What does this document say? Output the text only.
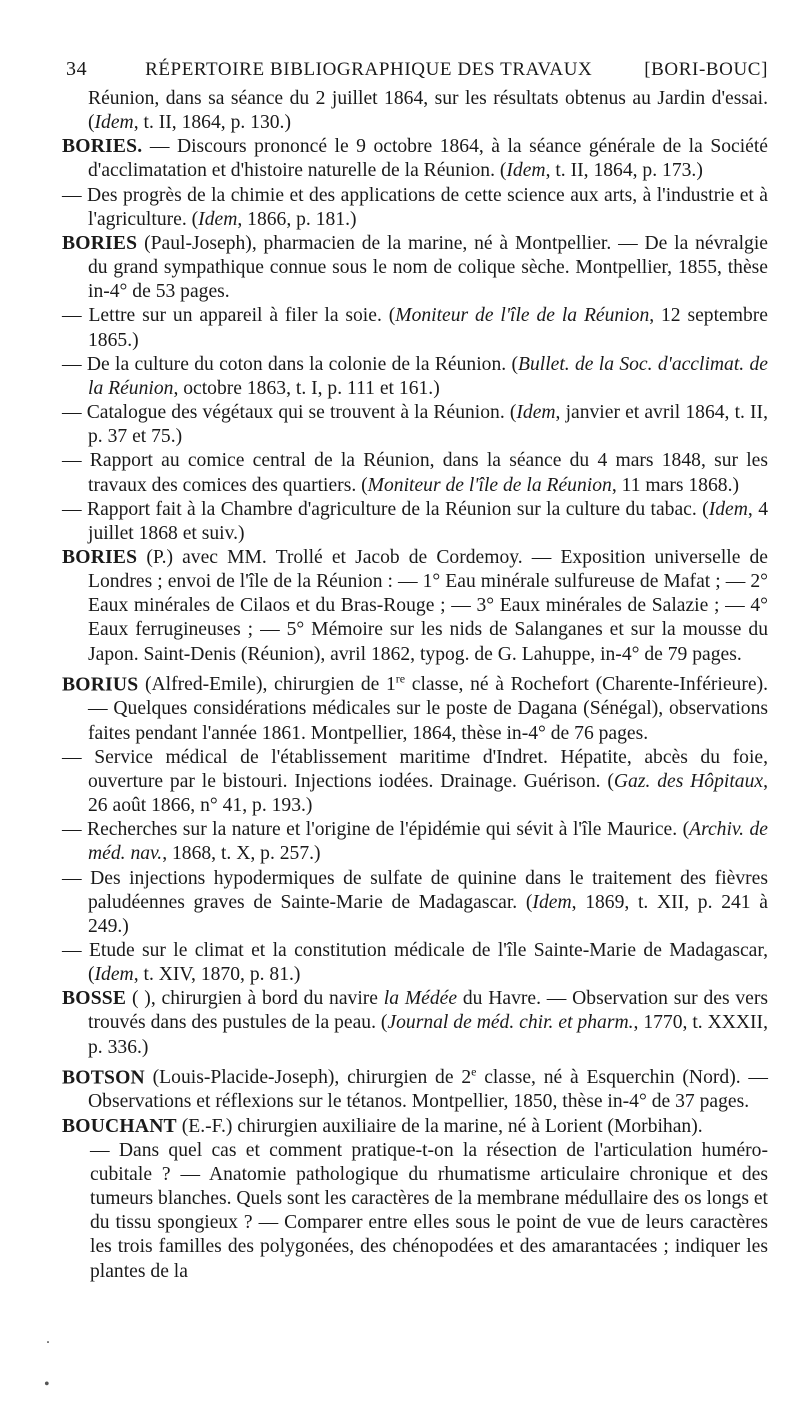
34	RÉPERTOIRE BIBLIOGRAPHIQUE DES TRAVAUX	[BORI-BOUC]

Réunion, dans sa séance du 2 juillet 1864, sur les résultats obtenus au Jardin d'essai. (Idem, t. II, 1864, p. 130.)

BORIES. — Discours prononcé le 9 octobre 1864, à la séance générale de la Société d'acclimatation et d'histoire naturelle de la Réunion. (Idem, t. II, 1864, p. 173.)

— Des progrès de la chimie et des applications de cette science aux arts, à l'industrie et à l'agriculture. (Idem, 1866, p. 181.)

BORIES (Paul-Joseph), pharmacien de la marine, né à Montpellier. — De la névralgie du grand sympathique connue sous le nom de colique sèche. Montpellier, 1855, thèse in-4° de 53 pages.

— Lettre sur un appareil à filer la soie. (Moniteur de l'île de la Réunion, 12 septembre 1865.)

— De la culture du coton dans la colonie de la Réunion. (Bullet. de la Soc. d'acclimat. de la Réunion, octobre 1863, t. I, p. 111 et 161.)

— Catalogue des végétaux qui se trouvent à la Réunion. (Idem, janvier et avril 1864, t. II, p. 37 et 75.)

— Rapport au comice central de la Réunion, dans la séance du 4 mars 1848, sur les travaux des comices des quartiers. (Moniteur de l'île de la Réunion, 11 mars 1868.)

— Rapport fait à la Chambre d'agriculture de la Réunion sur la culture du tabac. (Idem, 4 juillet 1868 et suiv.)

BORIES (P.) avec MM. Trollé et Jacob de Cordemoy. — Exposition universelle de Londres ; envoi de l'île de la Réunion : — 1° Eau minérale sulfureuse de Mafat ; — 2° Eaux minérales de Cilaos et du Bras-Rouge ; — 3° Eaux minérales de Salazie ; — 4° Eaux ferrugineuses ; — 5° Mémoire sur les nids de Salanganes et sur la mousse du Japon. Saint-Denis (Réunion), avril 1862, typog. de G. Lahuppe, in-4° de 79 pages.

BORIUS (Alfred-Emile), chirurgien de 1re classe, né à Rochefort (Charente-Inférieure). — Quelques considérations médicales sur le poste de Dagana (Sénégal), observations faites pendant l'année 1861. Montpellier, 1864, thèse in-4° de 76 pages.

— Service médical de l'établissement maritime d'Indret. Hépatite, abcès du foie, ouverture par le bistouri. Injections iodées. Drainage. Guérison. (Gaz. des Hôpitaux, 26 août 1866, n° 41, p. 193.)

— Recherches sur la nature et l'origine de l'épidémie qui sévit à l'île Maurice. (Archiv. de méd. nav., 1868, t. X, p. 257.)

— Des injections hypodermiques de sulfate de quinine dans le traitement des fièvres paludéennes graves de Sainte-Marie de Madagascar. (Idem, 1869, t. XII, p. 241 à 249.)

— Etude sur le climat et la constitution médicale de l'île Sainte-Marie de Madagascar, (Idem, t. XIV, 1870, p. 81.)

BOSSE ( ), chirurgien à bord du navire la Médée du Havre. — Observation sur des vers trouvés dans des pustules de la peau. (Journal de méd. chir. et pharm., 1770, t. XXXII, p. 336.)

BOTSON (Louis-Placide-Joseph), chirurgien de 2e classe, né à Esquerchin (Nord). — Observations et réflexions sur le tétanos. Montpellier, 1850, thèse in-4° de 37 pages.

BOUCHANT (E.-F.) chirurgien auxiliaire de la marine, né à Lorient (Morbihan).

— Dans quel cas et comment pratique-t-on la résection de l'articulation huméro-cubitale ? — Anatomie pathologique du rhumatisme articulaire chronique et des tumeurs blanches. Quels sont les caractères de la membrane médullaire des os longs et du tissu spongieux ? — Comparer entre elles sous le point de vue de leurs caractères les trois familles des polygonées, des chénopodées et des amarantacées ; indiquer les plantes de la

.
•
